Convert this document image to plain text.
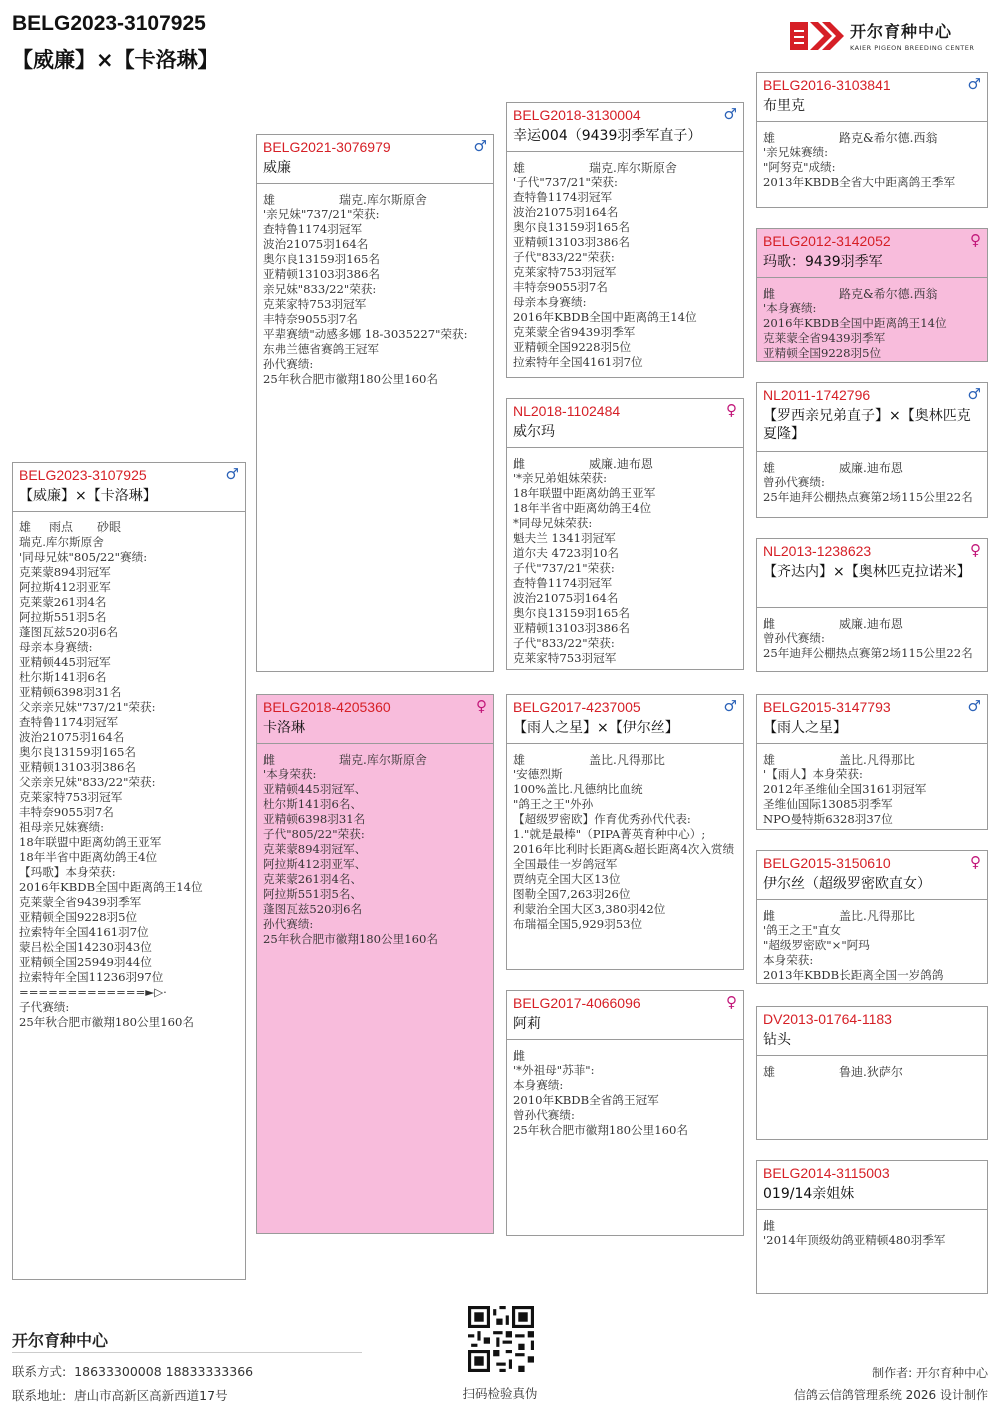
BELG2023-3107925
【威廉】×【卡洛琳】
开尔育种中心
KAIER PIGEON BREEDING CENTER
BELG2023-3107925	♂
【威廉】×【卡洛琳】
雄 雨点　　砂眼
瑞克.库尔斯原舍
'同母兄妹"805/22"赛绩:
克莱蒙894羽冠军
阿拉斯412羽亚军
克莱蒙261羽4名
阿拉斯551羽5名
蓬图瓦兹520羽6名
母亲本身赛绩:
亚精顿445羽冠军
杜尔斯141羽6名
亚精顿6398羽31名
父亲亲兄妹"737/21"荣获:
查特鲁1174羽冠军
波治21075羽164名
奥尔良13159羽165名
亚精顿13103羽386名
父亲亲兄妹"833/22"荣获:
克莱家特753羽冠军
丰特奈9055羽7名
祖母亲兄妹赛绩:
18年联盟中距离幼鸽王亚军
18年半省中距离幼鸽王4位
【玛歌】本身荣获:
2016年KBDB全国中距离鸽王14位
克莱蒙全省9439羽季军
亚精顿全国9228羽5位
拉索特年全国4161羽7位
蒙吕松全国14230羽43位
亚精顿全国25949羽44位
拉索特年全国11236羽97位
=============►▷·
子代赛绩:
25年秋合肥市徽翔180公里160名
BELG2021-3076979	♂
威廉
雄	瑞克.库尔斯原舍
'亲兄妹"737/21"荣获:
查特鲁1174羽冠军
波治21075羽164名
奥尔良13159羽165名
亚精顿13103羽386名
亲兄妹"833/22"荣获:
克莱家特753羽冠军
丰特奈9055羽7名
平辈赛绩"动感多娜 18-3035227"荣获:
东弗兰德省赛鸽王冠军
孙代赛绩:
25年秋合肥市徽翔180公里160名
BELG2018-4205360	♀
卡洛琳
雌	瑞克.库尔斯原舍
'本身荣获:
亚精顿445羽冠军、
杜尔斯141羽6名、
亚精顿6398羽31名
子代"805/22"荣获:
克莱蒙894羽冠军、
阿拉斯412羽亚军、
克莱蒙261羽4名、
阿拉斯551羽5名、
蓬图瓦兹520羽6名
孙代赛绩:
25年秋合肥市徽翔180公里160名
BELG2018-3130004	♂
幸运004（9439羽季军直子）
雄	瑞克.库尔斯原舍
'子代"737/21"荣获:
查特鲁1174羽冠军
波治21075羽164名
奥尔良13159羽165名
亚精顿13103羽386名
子代"833/22"荣获:
克莱家特753羽冠军
丰特奈9055羽7名
母亲本身赛绩:
2016年KBDB全国中距离鸽王14位
克莱蒙全省9439羽季军
亚精顿全国9228羽5位
拉索特年全国4161羽7位
NL2018-1102484	♀
威尔玛
雌	威廉.迪布恩
'*亲兄弟姐妹荣获:
18年联盟中距离幼鸽王亚军
18年半省中距离幼鸽王4位
*同母兄妹荣获:
魁夫兰 1341羽冠军
道尔夫 4723羽10名
子代"737/21"荣获:
查特鲁1174羽冠军
波治21075羽164名
奥尔良13159羽165名
亚精顿13103羽386名
子代"833/22"荣获:
克莱家特753羽冠军
BELG2017-4237005	♂
【雨人之星】×【伊尔丝】
雄	盖比.凡得那比
'安德烈斯
100%盖比.凡德纳比血统
"鸽王之王"外孙
【超级罗密欧】作育优秀孙代代表:
1."就是最棒"（PIPA菁英育种中心）;
2016年比利时长距离&超长距离4次入赏绩全国最佳一岁鸽冠军
贾纳克全国大区13位
图勒全国7,263羽26位
利蒙治全国大区3,380羽42位
布瑞福全国5,929羽53位
BELG2017-4066096	♀
阿莉
雌
'*外祖母"苏菲":
本身赛绩:
2010年KBDB全省鸽王冠军
曾孙代赛绩:
25年秋合肥市徽翔180公里160名
BELG2016-3103841	♂
布里克
雄	路克&希尔德.西翁
'亲兄妹赛绩:
"阿努克"成绩:
2013年KBDB全省大中距离鸽王季军
BELG2012-3142052	♀
玛歌：9439羽季军
雌	路克&希尔德.西翁
'本身赛绩:
2016年KBDB全国中距离鸽王14位
克莱蒙全省9439羽季军
亚精顿全国9228羽5位
NL2011-1742796	♂
【罗西亲兄弟直子】×【奥林匹克夏隆】
雄	威廉.迪布恩
曾孙代赛绩:
25年迪拜公棚热点赛第2场115公里22名
NL2013-1238623	♀
【齐达内】×【奥林匹克拉诺米】
雌	威廉.迪布恩
曾孙代赛绩:
25年迪拜公棚热点赛第2场115公里22名
BELG2015-3147793	♂
【雨人之星】
雄	盖比.凡得那比
'【雨人】本身荣获:
2012年圣维仙全国3161羽冠军
圣维仙国际13085羽季军
NPO曼特斯6328羽37位
BELG2015-3150610	♀
伊尔丝（超级罗密欧直女）
雌	盖比.凡得那比
'鸽王之王"直女
"超级罗密欧"×"阿玛
本身荣获:
2013年KBDB长距离全国一岁鸽鸽
DV2013-01764-1183
钻头
雄	鲁迪.狄萨尔
BELG2014-3115003
019/14亲姐妹
雌
'2014年顶级幼鸽亚精顿480羽季军
开尔育种中心
联系方式: 18633300008 18833333366
联系地址: 唐山市高新区高新西道17号	扫码检验真伪
制作者: 开尔育种中心
信鸽云信鸽管理系统 2026 设计制作
